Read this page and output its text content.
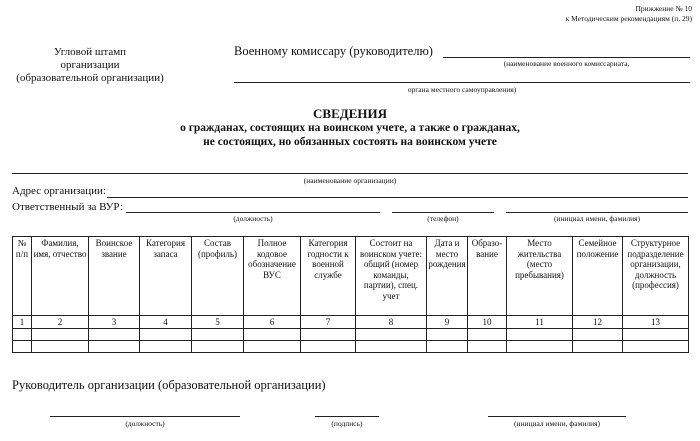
Прижжение № 10
к Методическим рекомендациям (п. 29)
Угловой штамп
организации
(образовательной организации)
Военному комиссару (руководителю)
(наименование военного комиссариата,
органа местного самоуправления)
СВЕДЕНИЯ
о гражданах, состоящих на воинском учете, а также о гражданах,
не состоящих, но обязанных состоять на воинском учете
(наименование организации)
Адрес организации:
Ответственный за ВУР:
(должность)	(телефон)	(инициал имени, фамилия)
№ п/п	Фамилия, имя, отчество	Воинское звание	Категория запаса	Состав (профиль)	Полное кодовое обозначение ВУС	Категория годности к военной службе	Состоит на воинском учете: общий (номер команды, партии), спец. учет	Дата и место рождения	Образо-вание	Место жительства (место пребывания)	Семейное положение	Структурное подразделение организации, должность (профессия)
1	2	3	4	5	6	7	8	9	10	11	12	13

Руководитель организации (образовательной организации)
(должность)	(подпись)	(инициал имени, фамилия)
